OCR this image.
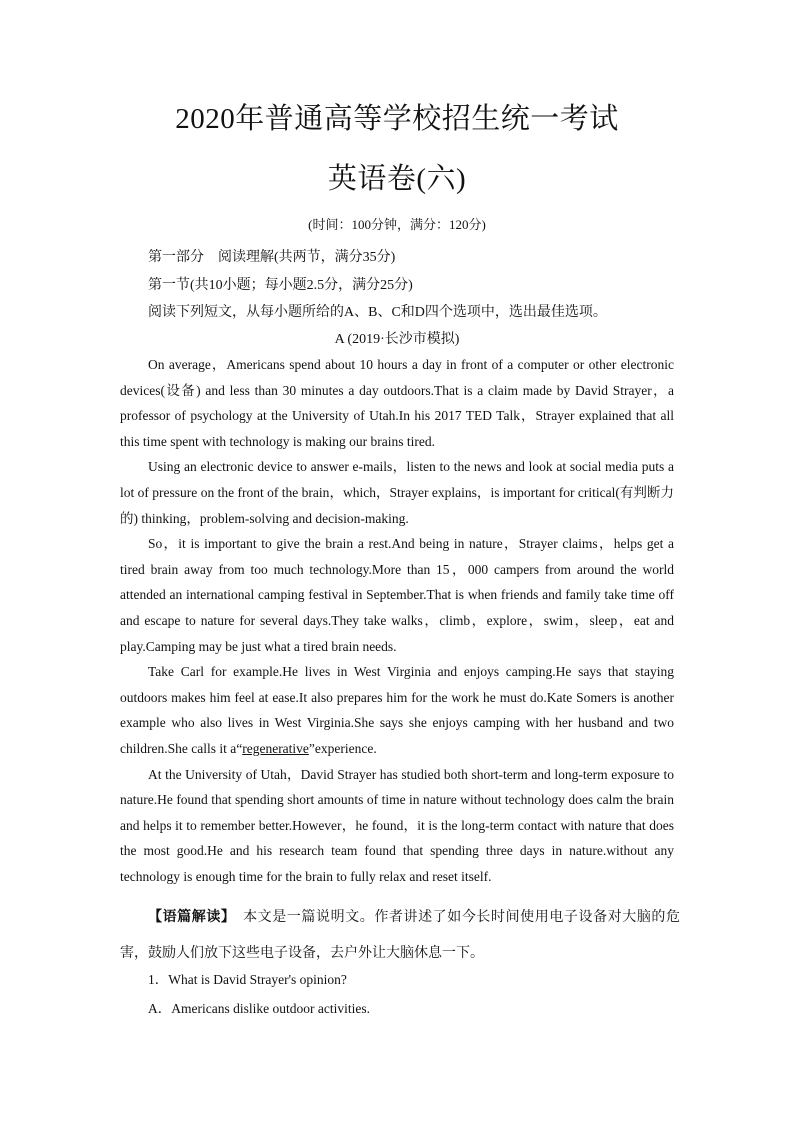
2020年普通高等学校招生统一考试
英语卷(六)
(时间：100分钟，满分：120分)
第一部分　阅读理解(共两节，满分35分)
第一节(共10小题；每小题2.5分，满分25分)
阅读下列短文，从每小题所给的A、B、C和D四个选项中，选出最佳选项。
A (2019·长沙市模拟)

On average，Americans spend about 10 hours a day in front of a computer or other electronic devices(设备) and less than 30 minutes a day outdoors.That is a claim made by David Strayer，a professor of psychology at the University of Utah.In his 2017 TED Talk，Strayer explained that all this time spent with technology is making our brains tired.

Using an electronic device to answer e-mails，listen to the news and look at social media puts a lot of pressure on the front of the brain，which，Strayer explains，is important for critical(有判断力的) thinking，problem-solving and decision-making.

So，it is important to give the brain a rest.And being in nature，Strayer claims，helps get a tired brain away from too much technology.More than 15，000 campers from around the world attended an international camping festival in September.That is when friends and family take time off and escape to nature for several days.They take walks，climb，explore，swim，sleep，eat and play.Camping may be just what a tired brain needs.

Take Carl for example.He lives in West Virginia and enjoys camping.He says that staying outdoors makes him feel at ease.It also prepares him for the work he must do.Kate Somers is another example who also lives in West Virginia.She says she enjoys camping with her husband and two children.She calls it a“regenerative”experience.

At the University of Utah，David Strayer has studied both short-term and long-term exposure to nature.He found that spending short amounts of time in nature without technology does calm the brain and helps it to remember better.However，he found，it is the long-term contact with nature that does the most good.He and his research team found that spending three days in nature.without any technology is enough time for the brain to fully relax and reset itself.

【语篇解读】　 本文是一篇说明文。作者讲述了如今长时间使用电子设备对大脑的危害，鼓励人们放下这些电子设备，去户外让大脑休息一下。

1．What is David Strayer's opinion?
A．Americans dislike outdoor activities.
